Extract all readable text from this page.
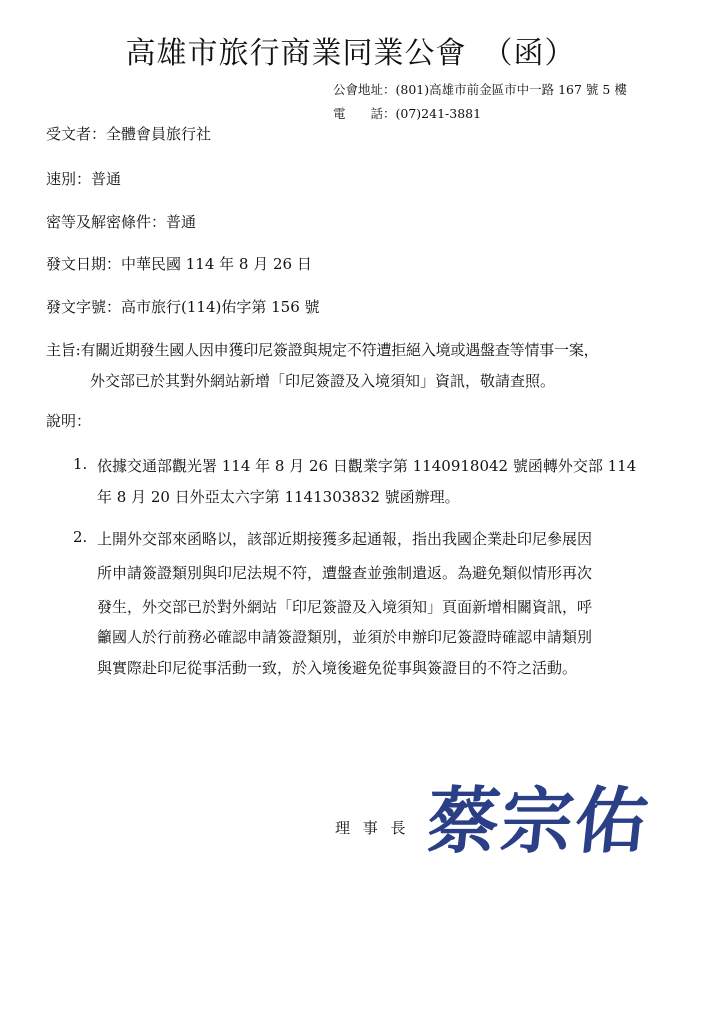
高雄市旅行商業同業公會　（函）
公會地址：(801)高雄市前金區市中一路 167 號 5 樓
電　　話：(07)241-3881
受文者：全體會員旅行社
速別：普通
密等及解密條件：普通
發文日期：中華民國 114 年 8 月 26 日
發文字號：高市旅行(114)佑字第 156 號
主旨:有關近期發生國人因申獲印尼簽證與規定不符遭拒絕入境或遇盤查等情事一案，
外交部已於其對外網站新增「印尼簽證及入境須知」資訊，敬請查照。
說明：
1. 依據交通部觀光署 114 年 8 月 26 日觀業字第 1140918042 號函轉外交部 114
年 8 月 20 日外亞太六字第 1141303832 號函辦理。
2. 上開外交部來函略以，該部近期接獲多起通報，指出我國企業赴印尼參展因
所申請簽證類別與印尼法規不符，遭盤查並強制遣返。為避免類似情形再次
發生，外交部已於對外網站「印尼簽證及入境須知」頁面新增相關資訊，呼
籲國人於行前務必確認申請簽證類別，並須於申辦印尼簽證時確認申請類別
與實際赴印尼從事活動一致，於入境後避免從事與簽證目的不符之活動。
理 事 長 蔡宗佑
